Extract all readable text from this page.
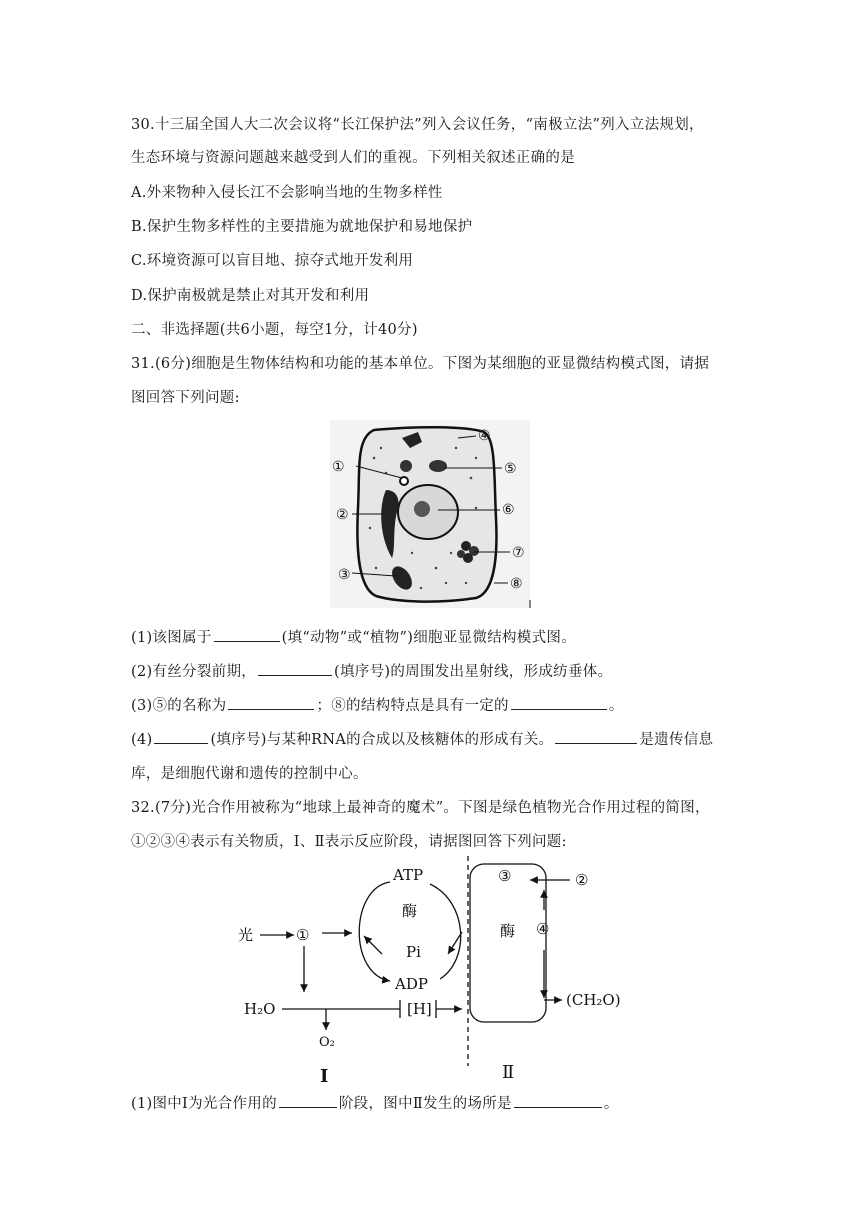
30.十三届全国人大二次会议将“长江保护法”列入会议任务，“南极立法”列入立法规划，
生态环境与资源问题越来越受到人们的重视。下列相关叙述正确的是
A.外来物种入侵长江不会影响当地的生物多样性
B.保护生物多样性的主要措施为就地保护和易地保护
C.环境资源可以盲目地、掠夺式地开发利用
D.保护南极就是禁止对其开发和利用
二、非选择题(共6小题，每空1分，计40分)
31.(6分)细胞是生物体结构和功能的基本单位。下图为某细胞的亚显微结构模式图，请据
图回答下列问题:
①
②
③
④
⑤
⑥
⑦
⑧
(1)该图属于	(填“动物”或“植物”)细胞亚显微结构模式图。
(2)有丝分裂前期，	(填序号)的周围发出星射线，形成纺垂体。
(3)⑤的名称为	；⑧的结构特点是具有一定的	。
(4)	(填序号)与某种RNA的合成以及核糖体的形成有关。	是遗传信息
库，是细胞代谢和遗传的控制中心。
32.(7分)光合作用被称为“地球上最神奇的魔术”。下图是绿色植物光合作用过程的简图，
①②③④表示有关物质，Ⅰ、Ⅱ表示反应阶段，请据图回答下列问题:
光	①
ATP
酶
Pi
ADP
H₂O
O₂
[H]
③	②
酶 ④
(CH₂O)
Ⅰ	Ⅱ
(1)图中Ⅰ为光合作用的	阶段，图中Ⅱ发生的场所是	。
